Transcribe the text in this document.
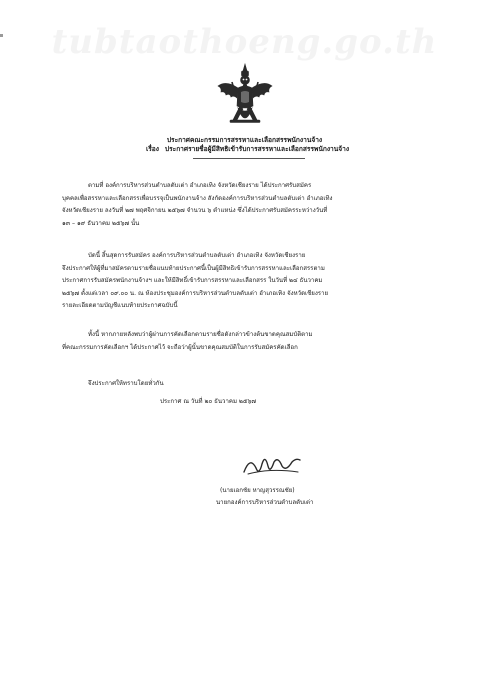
tubtaothoeng.go.th
ประกาศคณะกรรมการสรรหาและเลือกสรรพนักงานจ้าง
เรื่อง ประกาศรายชื่อผู้มีสิทธิเข้ารับการสรรหาและเลือกสรรพนักงานจ้าง
ตามที่ องค์การบริหารส่วนตำบลตับเต่า อำเภอเทิง จังหวัดเชียงราย ได้ประกาศรับสมัคร
บุคคลเพื่อสรรหาและเลือกสรรเพื่อบรรจุเป็นพนักงานจ้าง สังกัดองค์การบริหารส่วนตำบลตับเต่า อำเภอเทิง
จังหวัดเชียงราย ลงวันที่ ๒๗ พฤศจิกายน ๒๕๖๗ จำนวน ๖ ตำแหน่ง ซึ่งได้ประกาศรับสมัครระหว่างวันที่
๑๓ – ๑๙ ธันวาคม ๒๕๖๗ นั้น
บัดนี้ สิ้นสุดการรับสมัคร องค์การบริหารส่วนตำบลตับเต่า อำเภอเทิง จังหวัดเชียงราย
จึงประกาศให้ผู้ที่มาสมัครตามรายชื่อแนบท้ายประกาศนี้เป็นผู้มีสิทธิเข้ารับการสรรหาและเลือกสรรตาม
ประกาศการรับสมัครพนักงานจ้างฯ และให้มีสิทธิ์เข้ารับการสรรหาและเลือกสรร ในวันที่ ๒๔ ธันวาคม
๒๕๖๗ ตั้งแต่เวลา ๐๙.๐๐ น. ณ ห้องประชุมองค์การบริหารส่วนตำบลตับเต่า อำเภอเทิง จังหวัดเชียงราย
รายละเอียดตามบัญชีแนบท้ายประกาศฉบับนี้
ทั้งนี้ หากภายหลังพบว่าผู้ผ่านการคัดเลือกตามรายชื่อดังกล่าวข้างต้นขาดคุณสมบัติตาม
ที่คณะกรรมการคัดเลือกฯ ได้ประกาศไว้ จะถือว่าผู้นั้นขาดคุณสมบัติในการรับสมัครคัดเลือก
จึงประกาศให้ทราบโดยทั่วกัน
ประกาศ ณ วันที่ ๒๐ ธันวาคม ๒๕๖๗
(นายเอกชัย หาญสุวรรณชัย)
นายกองค์การบริหารส่วนตำบลตับเต่า
